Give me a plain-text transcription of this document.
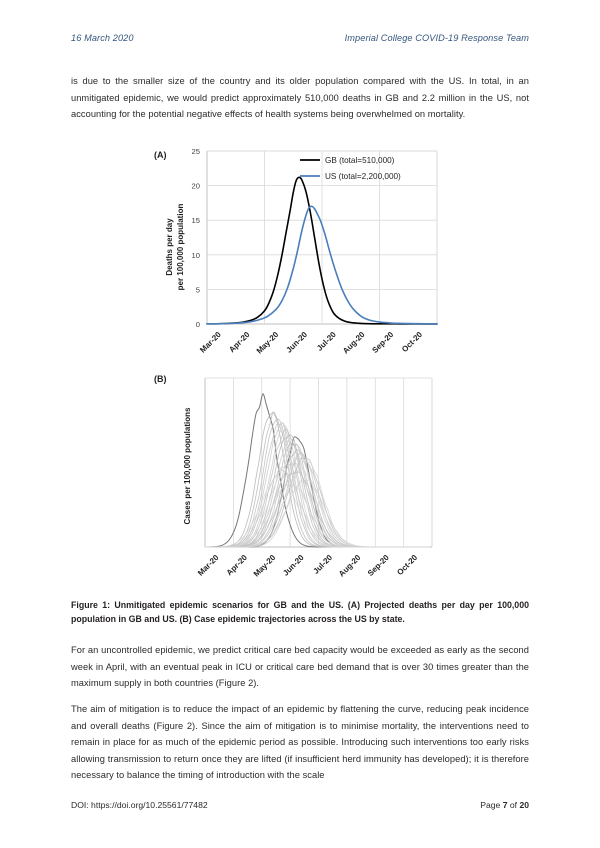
16 March 2020	Imperial College COVID-19 Response Team

is due to the smaller size of the country and its older population compared with the US. In total, in an unmitigated epidemic, we would predict approximately 510,000 deaths in GB and 2.2 million in the US, not accounting for the potential negative effects of health systems being overwhelmed on mortality.

(A)
Deaths per day per 100,000 population
0
5
10
15
20
25
Mar-20 Apr-20 May-20 Jun-20 Jul-20 Aug-20 Sep-20 Oct-20
GB (total=510,000)
US (total=2,200,000)
(B)
Cases per 100,000 populations
Mar-20 Apr-20 May-20 Jun-20 Jul-20 Aug-20 Sep-20 Oct-20

Figure 1: Unmitigated epidemic scenarios for GB and the US. (A) Projected deaths per day per 100,000 population in GB and US. (B) Case epidemic trajectories across the US by state.

For an uncontrolled epidemic, we predict critical care bed capacity would be exceeded as early as the second week in April, with an eventual peak in ICU or critical care bed demand that is over 30 times greater than the maximum supply in both countries (Figure 2).

The aim of mitigation is to reduce the impact of an epidemic by flattening the curve, reducing peak incidence and overall deaths (Figure 2). Since the aim of mitigation is to minimise mortality, the interventions need to remain in place for as much of the epidemic period as possible. Introducing such interventions too early risks allowing transmission to return once they are lifted (if insufficient herd immunity has developed); it is therefore necessary to balance the timing of introduction with the scale

DOI: https://doi.org/10.25561/77482	Page 7 of 20
